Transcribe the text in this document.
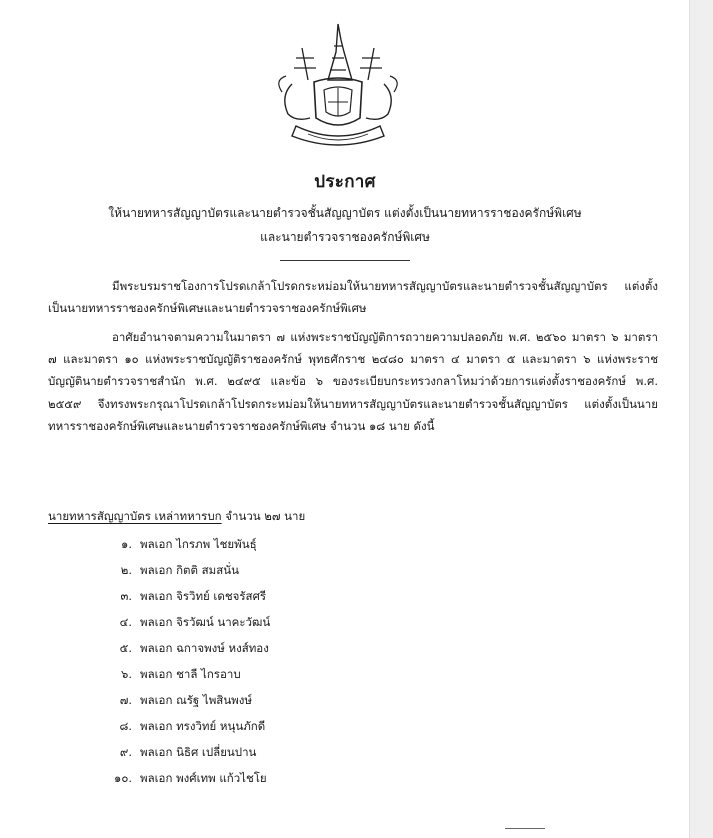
ประกาศ
ให้นายทหารสัญญาบัตรและนายตำรวจชั้นสัญญาบัตร แต่งตั้งเป็นนายทหารราชองครักษ์พิเศษ
และนายตำรวจราชองครักษ์พิเศษ
มีพระบรมราชโองการโปรดเกล้าโปรดกระหม่อมให้นายทหารสัญญาบัตรและนายตำรวจชั้นสัญญาบัตร แต่งตั้งเป็นนายทหารราชองครักษ์พิเศษและนายตำรวจราชองครักษ์พิเศษ
อาศัยอำนาจตามความในมาตรา ๗ แห่งพระราชบัญญัติการถวายความปลอดภัย พ.ศ. ๒๕๖๐ มาตรา ๖ มาตรา ๗ และมาตรา ๑๐ แห่งพระราชบัญญัติราชองครักษ์ พุทธศักราช ๒๔๘๐ มาตรา ๔ มาตรา ๕ และมาตรา ๖ แห่งพระราชบัญญัตินายตำรวจราชสำนัก พ.ศ. ๒๔๙๕ และข้อ ๖ ของระเบียบกระทรวงกลาโหมว่าด้วยการแต่งตั้งราชองครักษ์ พ.ศ. ๒๕๕๙ จึงทรงพระกรุณาโปรดเกล้าโปรดกระหม่อมให้นายทหารสัญญาบัตรและนายตำรวจชั้นสัญญาบัตร แต่งตั้งเป็นนายทหารราชองครักษ์พิเศษและนายตำรวจราชองครักษ์พิเศษ จำนวน ๑๘ นาย ดังนี้
นายทหารสัญญาบัตร เหล่าทหารบก จำนวน ๒๗ นาย
๑. พลเอก ไกรภพ ไชยพันธุ์
๒. พลเอก กิตติ สมสนั่น
๓. พลเอก จิรวิทย์ เดชจรัสศรี
๔. พลเอก จิรวัฒน์ นาคะวัฒน์
๕. พลเอก ฉกาจพงษ์ หงส์ทอง
๖. พลเอก ชาลี ไกรอาบ
๗. พลเอก ณรัฐ ไพสินพงษ์
๘. พลเอก ทรงวิทย์ หนุนภักดี
๙. พลเอก นิธิศ เปลี่ยนปาน
๑๐. พลเอก พงศ์เทพ แก้วไชโย
